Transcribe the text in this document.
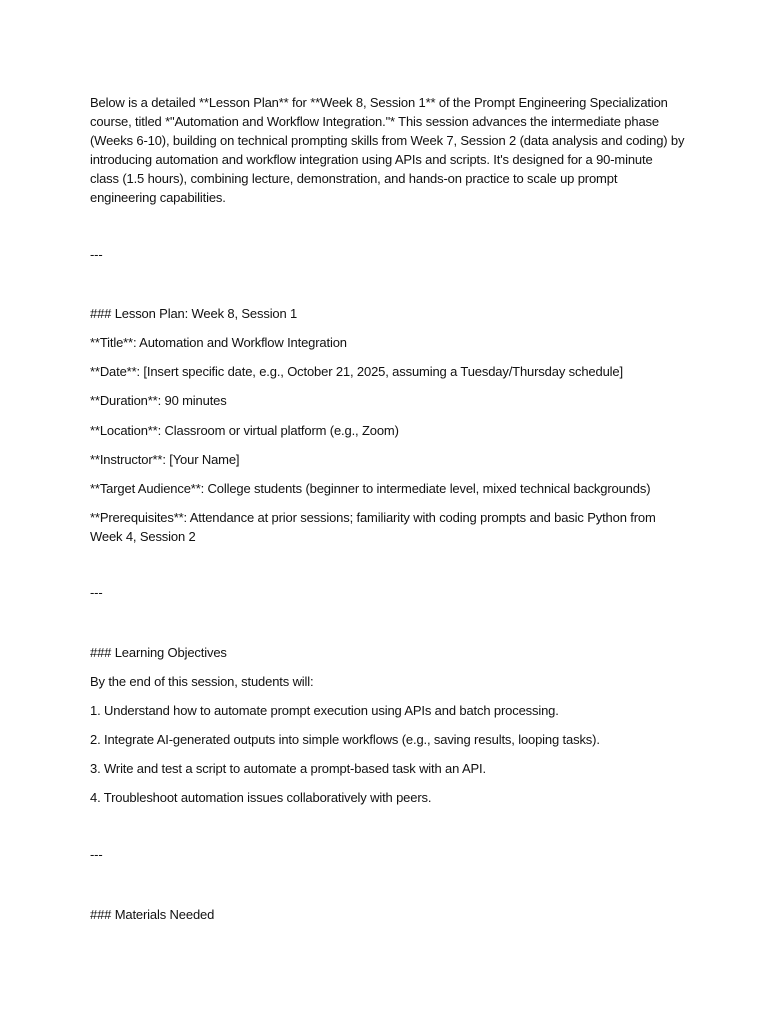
Below is a detailed **Lesson Plan** for **Week 8, Session 1** of the Prompt Engineering Specialization
course, titled *"Automation and Workflow Integration."* This session advances the intermediate phase
(Weeks 6-10), building on technical prompting skills from Week 7, Session 2 (data analysis and coding) by
introducing automation and workflow integration using APIs and scripts. It's designed for a 90-minute
class (1.5 hours), combining lecture, demonstration, and hands-on practice to scale up prompt
engineering capabilities.
---
### Lesson Plan: Week 8, Session 1
**Title**: Automation and Workflow Integration
**Date**: [Insert specific date, e.g., October 21, 2025, assuming a Tuesday/Thursday schedule]
**Duration**: 90 minutes
**Location**: Classroom or virtual platform (e.g., Zoom)
**Instructor**: [Your Name]
**Target Audience**: College students (beginner to intermediate level, mixed technical backgrounds)
**Prerequisites**: Attendance at prior sessions; familiarity with coding prompts and basic Python from
Week 4, Session 2
---
### Learning Objectives
By the end of this session, students will:
1. Understand how to automate prompt execution using APIs and batch processing.
2. Integrate AI-generated outputs into simple workflows (e.g., saving results, looping tasks).
3. Write and test a script to automate a prompt-based task with an API.
4. Troubleshoot automation issues collaboratively with peers.
---
### Materials Needed
